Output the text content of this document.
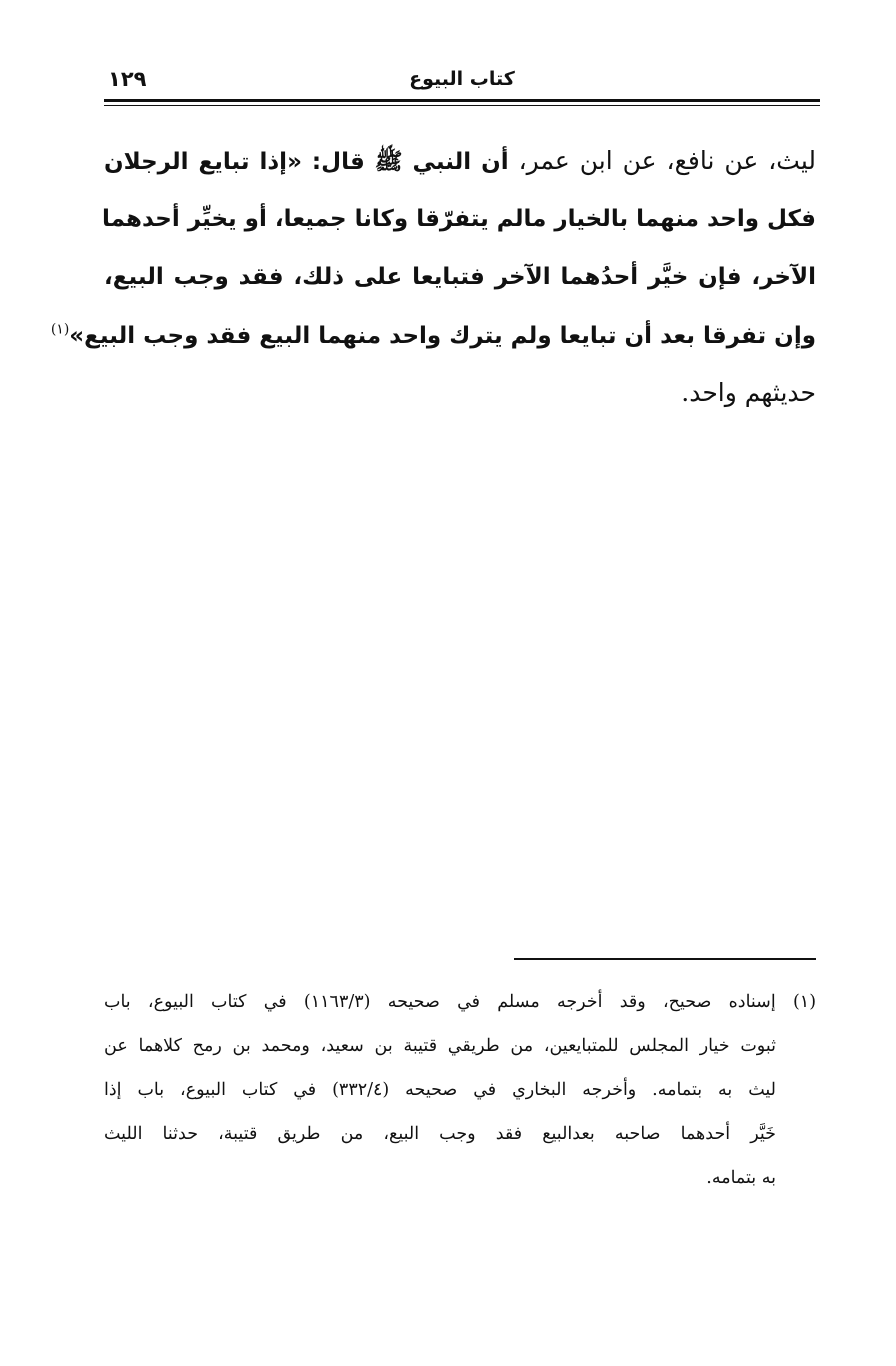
كتاب البيوع
١٢٩
ليث، عن نافع، عن ابن عمر، أن النبي ﷺ قال: «إذا تبايع الرجلان
فكل واحد منهما بالخيار مالم يتفرّقا وكانا جميعا، أو يخيِّر أحدهما
الآخر، فإن خيَّر أحدُهما الآخر فتبايعا على ذلك، فقد وجب البيع،
وإن تفرقا بعد أن تبايعا ولم يترك واحد منهما البيع فقد وجب البيع»$^{(١)}$
حديثهم واحد.
(١) إسناده صحيح، وقد أخرجه مسلم في صحيحه (١١٦٣/٣) في كتاب البيوع، باب
ثبوت خيار المجلس للمتبايعين، من طريقي قتيبة بن سعيد، ومحمد بن رمح كلاهما عن
ليث به بتمامه. وأخرجه البخاري في صحيحه (٣٣٢/٤) في كتاب البيوع، باب إذا
خَيَّر أحدهما صاحبه بعدالبيع فقد وجب البيع، من طريق قتيبة، حدثنا الليث
به بتمامه.
